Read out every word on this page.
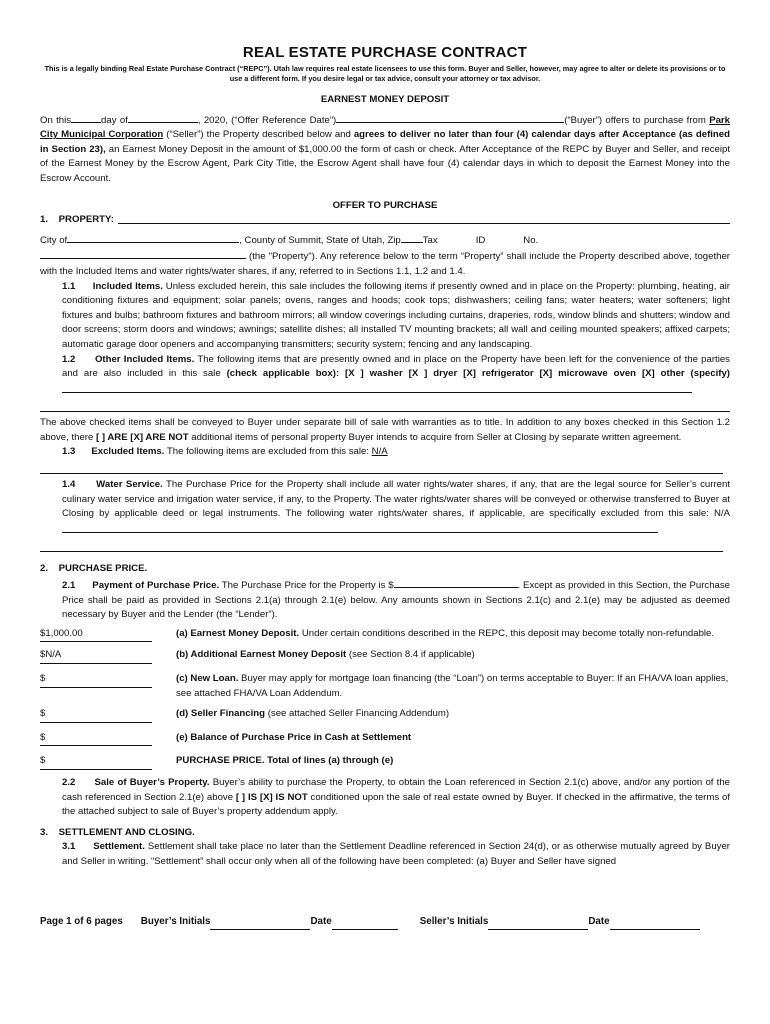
REAL ESTATE PURCHASE CONTRACT
This is a legally binding Real Estate Purchase Contract (“REPC”). Utah law requires real estate licensees to use this form. Buyer and Seller, however, may agree to alter or delete its provisions or to use a different form. If you desire legal or tax advice, consult your attorney or tax advisor.
EARNEST MONEY DEPOSIT
On this	day of	, 2020, (“Offer Reference Date”)	(“Buyer”) offers to purchase from Park City Municipal Corporation (“Seller”) the Property described below and agrees to deliver no later than four (4) calendar days after Acceptance (as defined in Section 23), an Earnest Money Deposit in the amount of $1,000.00 the form of cash or check. After Acceptance of the REPC by Buyer and Seller, and receipt of the Earnest Money by the Escrow Agent, Park City Title, the Escrow Agent shall have four (4) calendar days in which to deposit the Earnest Money into the Escrow Account.
OFFER TO PURCHASE
1.    PROPERTY:
City of	, County of Summit, State of Utah, Zip Tax	ID	No.
(the "Property"). Any reference below to the term “Property” shall include the Property described above, together with the Included Items and water rights/water shares, if any, referred to in Sections 1.1, 1.2 and 1.4.
1.1 Included Items. Unless excluded herein, this sale includes the following items if presently owned and in place on the Property: plumbing, heating, air conditioning fixtures and equipment; solar panels; ovens, ranges and hoods; cook tops; dishwashers; ceiling fans; water heaters; water softeners; light fixtures and bulbs; bathroom fixtures and bathroom mirrors; all window coverings including curtains, draperies, rods, window blinds and shutters; window and door screens; storm doors and windows; awnings; satellite dishes; all installed TV mounting brackets; all wall and ceiling mounted speakers; affixed carpets; automatic garage door openers and accompanying transmitters; security system; fencing and any landscaping.
1.2 Other Included Items. The following items that are presently owned and in place on the Property have been left for the convenience of the parties and are also included in this sale (check applicable box): [X ] washer [X ] dryer [X] refrigerator [X] microwave oven [X] other (specify)
The above checked items shall be conveyed to Buyer under separate bill of sale with warranties as to title. In addition to any boxes checked in this Section 1.2 above, there [ ] ARE [X] ARE NOT additional items of personal property Buyer intends to acquire from Seller at Closing by separate written agreement.
1.3 Excluded Items. The following items are excluded from this sale: N/A
1.4 Water Service. The Purchase Price for the Property shall include all water rights/water shares, if any, that are the legal source for Seller’s current culinary water service and irrigation water service, if any, to the Property. The water rights/water shares will be conveyed or otherwise transferred to Buyer at Closing by applicable deed or legal instruments. The following water rights/water shares, if applicable, are specifically excluded from this sale: N/A
2.    PURCHASE PRICE.
2.1 Payment of Purchase Price. The Purchase Price for the Property is $	. Except as provided in this Section, the Purchase Price shall be paid as provided in Sections 2.1(a) through 2.1(e) below. Any amounts shown in Sections 2.1(c) and 2.1(e) may be adjusted as deemed necessary by Buyer and the Lender (the “Lender”).
$1,000.00	(a) Earnest Money Deposit. Under certain conditions described in the REPC, this deposit may become totally non-refundable.
$N/A	(b) Additional Earnest Money Deposit (see Section 8.4 if applicable)
$	(c) New Loan. Buyer may apply for mortgage loan financing (the “Loan”) on terms acceptable to Buyer: If an FHA/VA loan applies, see attached FHA/VA Loan Addendum.
$	(d) Seller Financing (see attached Seller Financing Addendum)
$	(e) Balance of Purchase Price in Cash at Settlement
$	PURCHASE PRICE. Total of lines (a) through (e)
2.2 Sale of Buyer’s Property. Buyer’s ability to purchase the Property, to obtain the Loan referenced in Section 2.1(c) above, and/or any portion of the cash referenced in Section 2.1(e) above [ ] IS [X] IS NOT conditioned upon the sale of real estate owned by Buyer. If checked in the affirmative, the terms of the attached subject to sale of Buyer’s property addendum apply.
3.    SETTLEMENT AND CLOSING.
3.1 Settlement. Settlement shall take place no later than the Settlement Deadline referenced in Section 24(d), or as otherwise mutually agreed by Buyer and Seller in writing. “Settlement” shall occur only when all of the following have been completed: (a) Buyer and Seller have signed
Page 1 of 6 pages Buyer’s Initials	Date	Seller’s Initials	Date
